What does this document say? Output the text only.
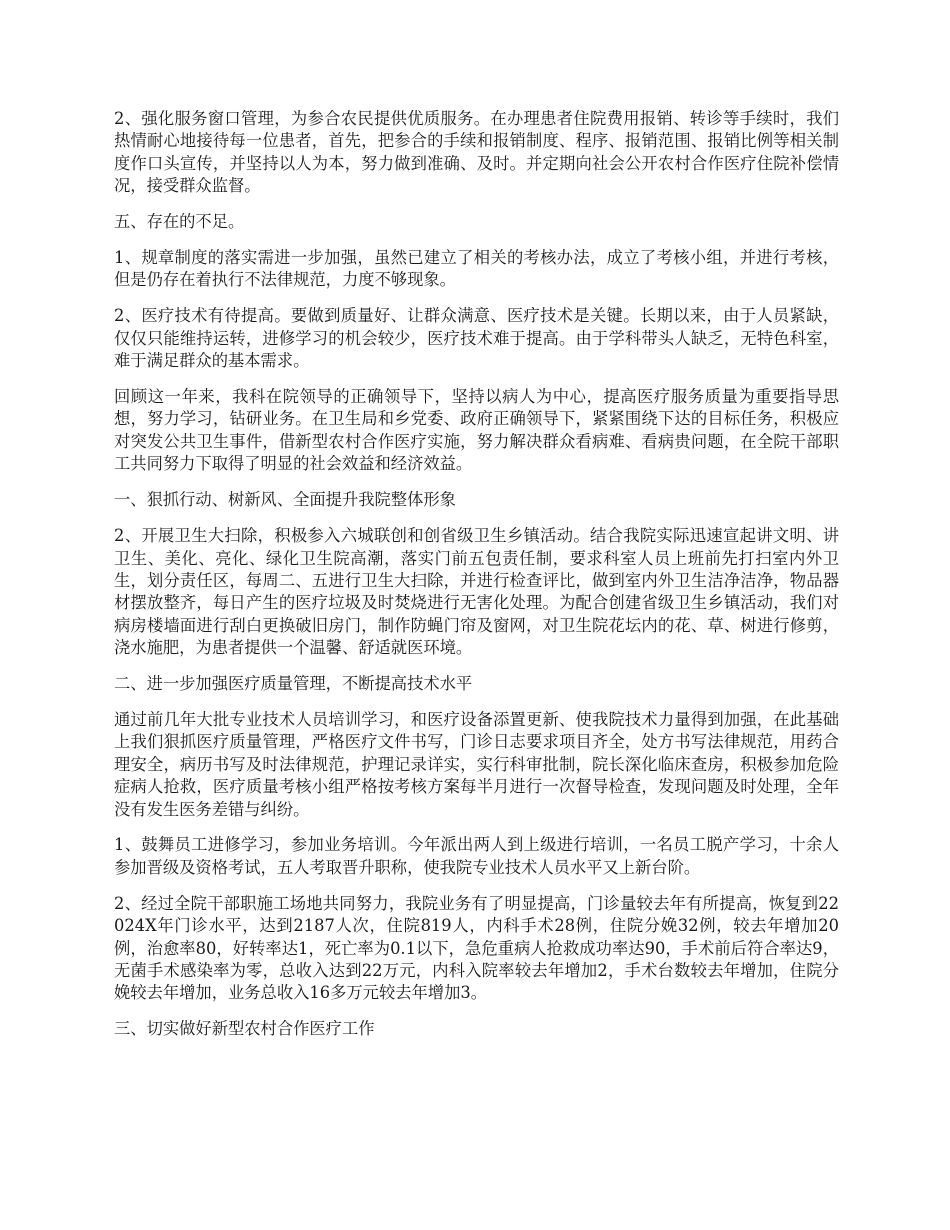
2、强化服务窗口管理，为参合农民提供优质服务。在办理患者住院费用报销、转诊等手续时，我们热情耐心地接待每一位患者，首先，把参合的手续和报销制度、程序、报销范围、报销比例等相关制度作口头宣传，并坚持以人为本，努力做到准确、及时。并定期向社会公开农村合作医疗住院补偿情况，接受群众监督。

五、存在的不足。

1、规章制度的落实需进一步加强，虽然已建立了相关的考核办法，成立了考核小组，并进行考核，但是仍存在着执行不法律规范，力度不够现象。

2、医疗技术有待提高。要做到质量好、让群众满意、医疗技术是关键。长期以来，由于人员紧缺，仅仅只能维持运转，进修学习的机会较少，医疗技术难于提高。由于学科带头人缺乏，无特色科室，难于满足群众的基本需求。

回顾这一年来，我科在院领导的正确领导下，坚持以病人为中心，提高医疗服务质量为重要指导思想，努力学习，钻研业务。在卫生局和乡党委、政府正确领导下，紧紧围绕下达的目标任务，积极应对突发公共卫生事件，借新型农村合作医疗实施，努力解决群众看病难、看病贵问题，在全院干部职工共同努力下取得了明显的社会效益和经济效益。

一、狠抓行动、树新风、全面提升我院整体形象

2、开展卫生大扫除，积极参入六城联创和创省级卫生乡镇活动。结合我院实际迅速宣起讲文明、讲卫生、美化、亮化、绿化卫生院高潮，落实门前五包责任制，要求科室人员上班前先打扫室内外卫生，划分责任区，每周二、五进行卫生大扫除，并进行检查评比，做到室内外卫生洁净洁净，物品器材摆放整齐，每日产生的医疗垃圾及时焚烧进行无害化处理。为配合创建省级卫生乡镇活动，我们对病房楼墙面进行刮白更换破旧房门，制作防蝇门帘及窗网，对卫生院花坛内的花、草、树进行修剪，浇水施肥，为患者提供一个温馨、舒适就医环境。

二、进一步加强医疗质量管理，不断提高技术水平

通过前几年大批专业技术人员培训学习，和医疗设备添置更新、使我院技术力量得到加强，在此基础上我们狠抓医疗质量管理，严格医疗文件书写，门诊日志要求项目齐全，处方书写法律规范，用药合理安全，病历书写及时法律规范，护理记录详实，实行科审批制，院长深化临床查房，积极参加危险症病人抢救，医疗质量考核小组严格按考核方案每半月进行一次督导检查，发现问题及时处理，全年没有发生医务差错与纠纷。

1、鼓舞员工进修学习，参加业务培训。今年派出两人到上级进行培训，一名员工脱产学习，十余人参加晋级及资格考试，五人考取晋升职称，使我院专业技术人员水平又上新台阶。

2、经过全院干部职施工场地共同努力，我院业务有了明显提高，门诊量较去年有所提高，恢复到22024X年门诊水平，达到2187人次，住院819人，内科手术28例，住院分娩32例，较去年增加20例，治愈率80，好转率达1，死亡率为0.1以下，急危重病人抢救成功率达90，手术前后符合率达9，无菌手术感染率为零，总收入达到22万元，内科入院率较去年增加2，手术台数较去年增加，住院分娩较去年增加，业务总收入16多万元较去年增加3。

三、切实做好新型农村合作医疗工作
